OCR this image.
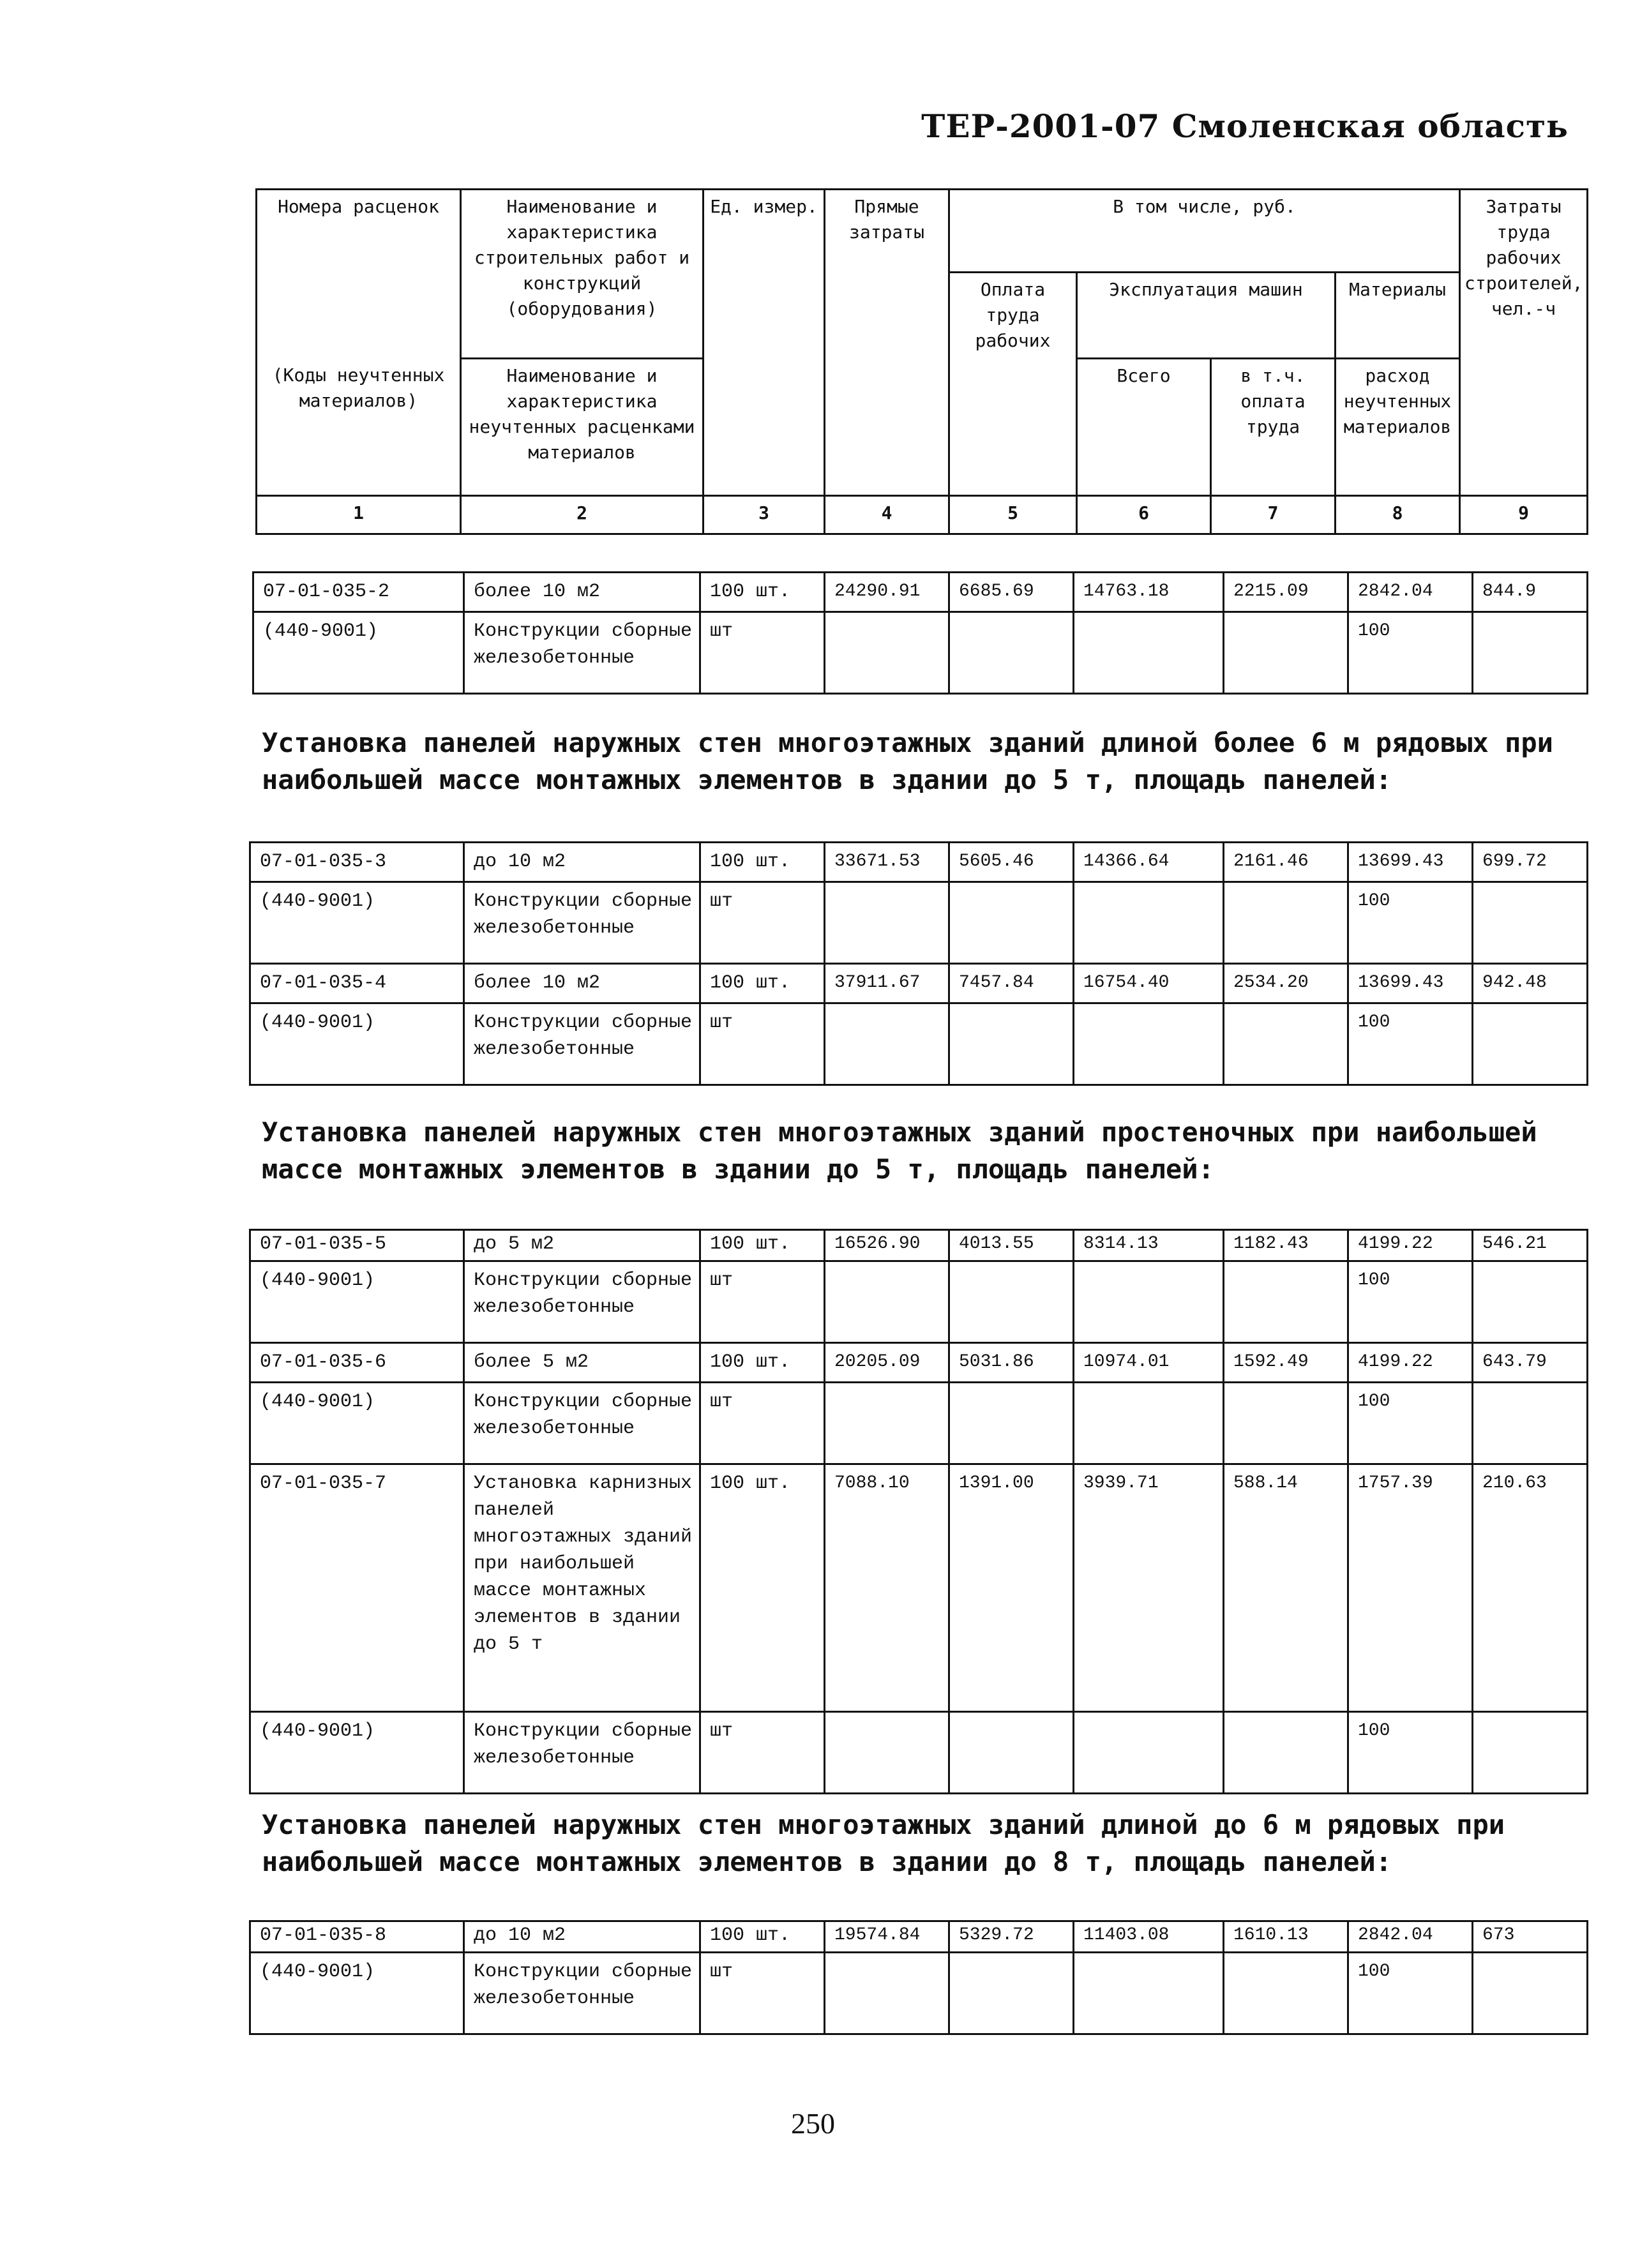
ТЕР-2001-07 Смоленская область
Номера расценок	Наименование и характеристика строительных работ и конструкций (оборудования)	Ед. измер.	Прямые затраты	В том числе, руб.				Затраты труда рабочих строителей, чел.-ч
				Оплата труда рабочих	Эксплуатация машин		Материалы	
(Коды неучтенных материалов)	Наименование и характеристика неучтенных расценками материалов				Всего	в т.ч. оплата труда	расход неучтенных материалов	
1	2	3	4	5	6	7	8	9
07-01-035-2	более 10 м2	100 шт.	24290.91	6685.69	14763.18	2215.09	2842.04	844.9
(440-9001)	Конструкции сборные железобетонные	шт					100	
Установка панелей наружных стен многоэтажных зданий длиной более 6 м рядовых при наибольшей массе монтажных элементов в здании до 5 т, площадь панелей:
07-01-035-3	до 10 м2	100 шт.	33671.53	5605.46	14366.64	2161.46	13699.43	699.72
(440-9001)	Конструкции сборные железобетонные	шт					100	
07-01-035-4	более 10 м2	100 шт.	37911.67	7457.84	16754.40	2534.20	13699.43	942.48
(440-9001)	Конструкции сборные железобетонные	шт					100	
Установка панелей наружных стен многоэтажных зданий простеночных при наибольшей массе монтажных элементов в здании до 5 т, площадь панелей:
07-01-035-5	до 5 м2	100 шт.	16526.90	4013.55	8314.13	1182.43	4199.22	546.21
(440-9001)	Конструкции сборные железобетонные	шт					100	
07-01-035-6	более 5 м2	100 шт.	20205.09	5031.86	10974.01	1592.49	4199.22	643.79
(440-9001)	Конструкции сборные железобетонные	шт					100	
07-01-035-7	Установка карнизных панелей многоэтажных зданий при наибольшей массе монтажных элементов в здании до 5 т	100 шт.	7088.10	1391.00	3939.71	588.14	1757.39	210.63
(440-9001)	Конструкции сборные железобетонные	шт					100	
Установка панелей наружных стен многоэтажных зданий длиной до 6 м рядовых при наибольшей массе монтажных элементов в здании до 8 т, площадь панелей:
07-01-035-8	до 10 м2	100 шт.	19574.84	5329.72	11403.08	1610.13	2842.04	673
(440-9001)	Конструкции сборные железобетонные	шт					100	
250
